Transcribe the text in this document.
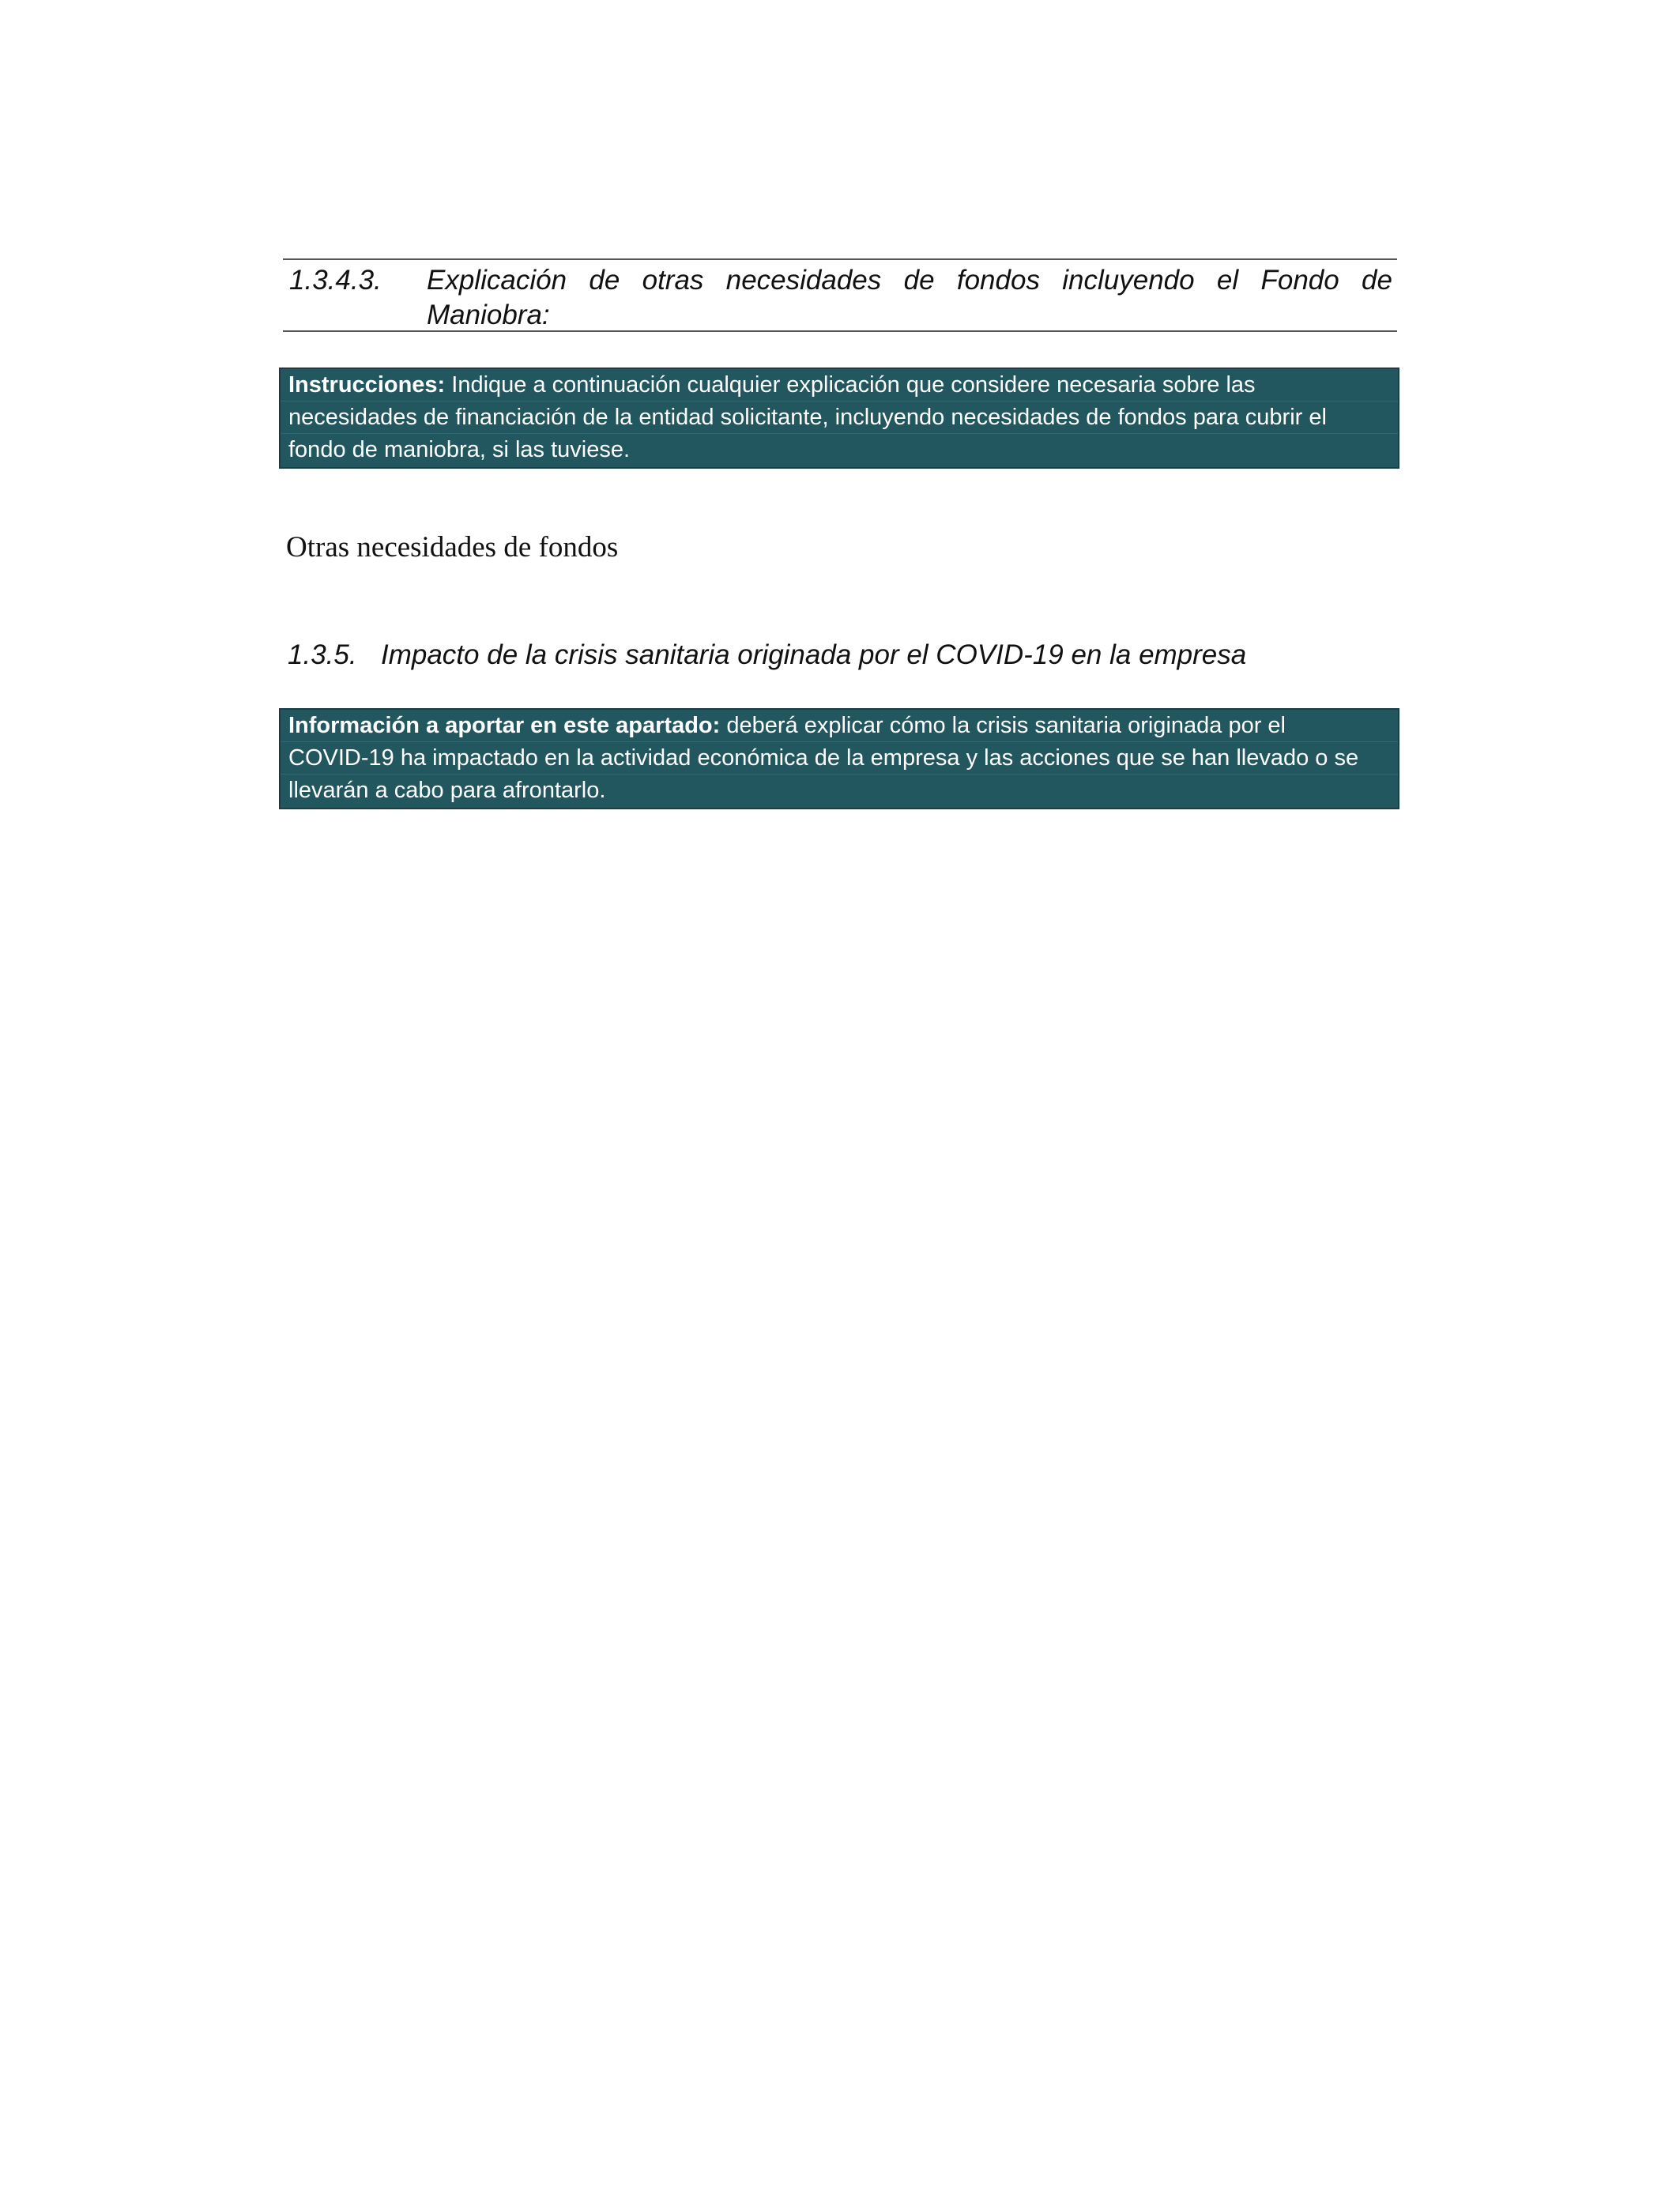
1.3.4.3. Explicación de otras necesidades de fondos incluyendo el Fondo de
Maniobra:
Instrucciones: Indique a continuación cualquier explicación que considere necesaria sobre las
necesidades de financiación de la entidad solicitante, incluyendo necesidades de fondos para cubrir el
fondo de maniobra, si las tuviese.
Otras necesidades de fondos
1.3.5. Impacto de la crisis sanitaria originada por el COVID-19 en la empresa
Información a aportar en este apartado: deberá explicar cómo la crisis sanitaria originada por el
COVID-19 ha impactado en la actividad económica de la empresa y las acciones que se han llevado o se
llevarán a cabo para afrontarlo.
